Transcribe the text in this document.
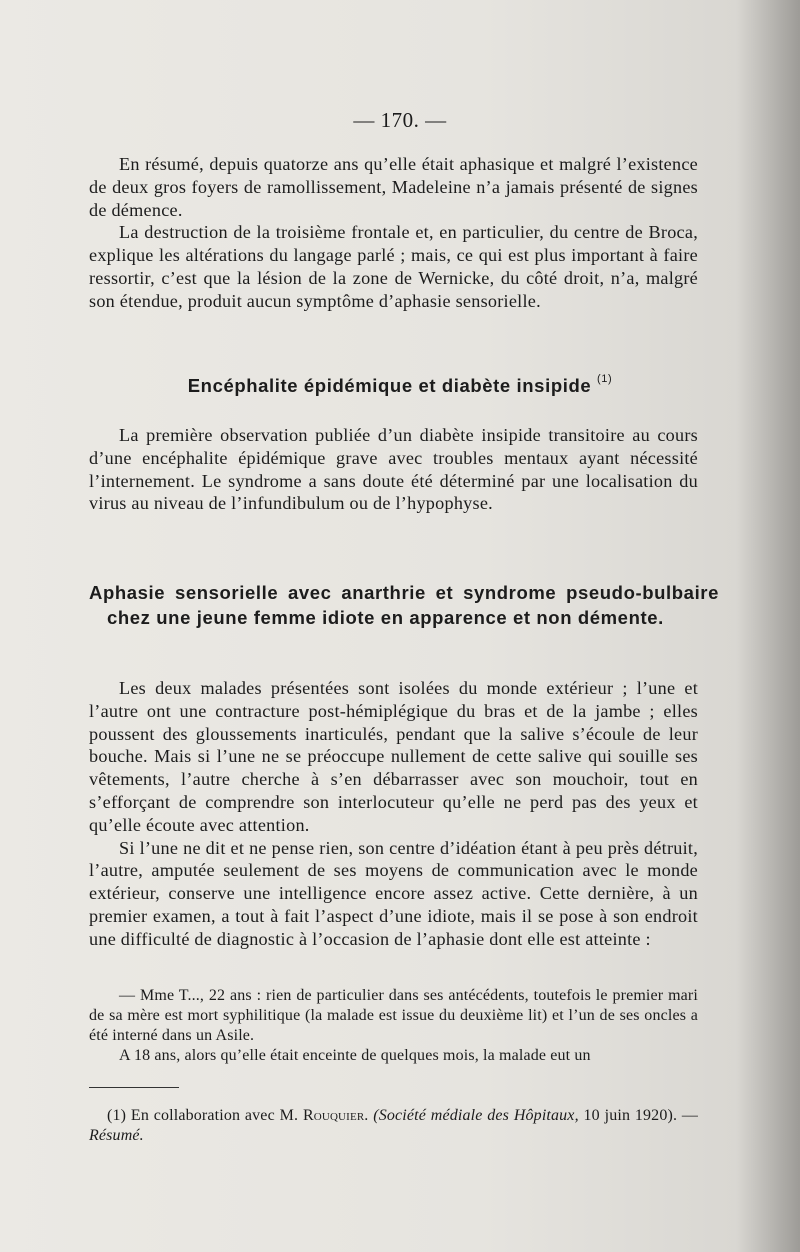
— 170. —

En résumé, depuis quatorze ans qu’elle était aphasique et malgré l’existence de deux gros foyers de ramollissement, Madeleine n’a jamais présenté de signes de démence.

La destruction de la troisième frontale et, en particulier, du centre de Broca, explique les altérations du langage parlé ; mais, ce qui est plus important à faire ressortir, c’est que la lésion de la zone de Wernicke, du côté droit, n’a, malgré son étendue, produit aucun symptôme d’aphasie sensorielle.

Encéphalite épidémique et diabète insipide $^{(1)}$

La première observation publiée d’un diabète insipide transitoire au cours d’une encéphalite épidémique grave avec troubles mentaux ayant nécessité l’internement. Le syndrome a sans doute été déterminé par une localisation du virus au niveau de l’infundibulum ou de l’hypophyse.

Aphasie sensorielle avec anarthrie et syndrome pseudo-bulbaire chez une jeune femme idiote en apparence et non démente.

Les deux malades présentées sont isolées du monde extérieur ; l’une et l’autre ont une contracture post-hémiplégique du bras et de la jambe ; elles poussent des gloussements inarticulés, pendant que la salive s’écoule de leur bouche. Mais si l’une ne se préoccupe nullement de cette salive qui souille ses vêtements, l’autre cherche à s’en débarrasser avec son mouchoir, tout en s’efforçant de comprendre son interlocuteur qu’elle ne perd pas des yeux et qu’elle écoute avec attention.

Si l’une ne dit et ne pense rien, son centre d’idéation étant à peu près détruit, l’autre, amputée seulement de ses moyens de communication avec le monde extérieur, conserve une intelligence encore assez active. Cette dernière, à un premier examen, a tout à fait l’aspect d’une idiote, mais il se pose à son endroit une difficulté de diagnostic à l’occasion de l’aphasie dont elle est atteinte :

— Mme T..., 22 ans : rien de particulier dans ses antécédents, toutefois le premier mari de sa mère est mort syphilitique (la malade est issue du deuxième lit) et l’un de ses oncles a été interné dans un Asile.

A 18 ans, alors qu’elle était enceinte de quelques mois, la malade eut un

(1) En collaboration avec M. Rouquier. (Société médiale des Hôpitaux, 10 juin 1920). — Résumé.
